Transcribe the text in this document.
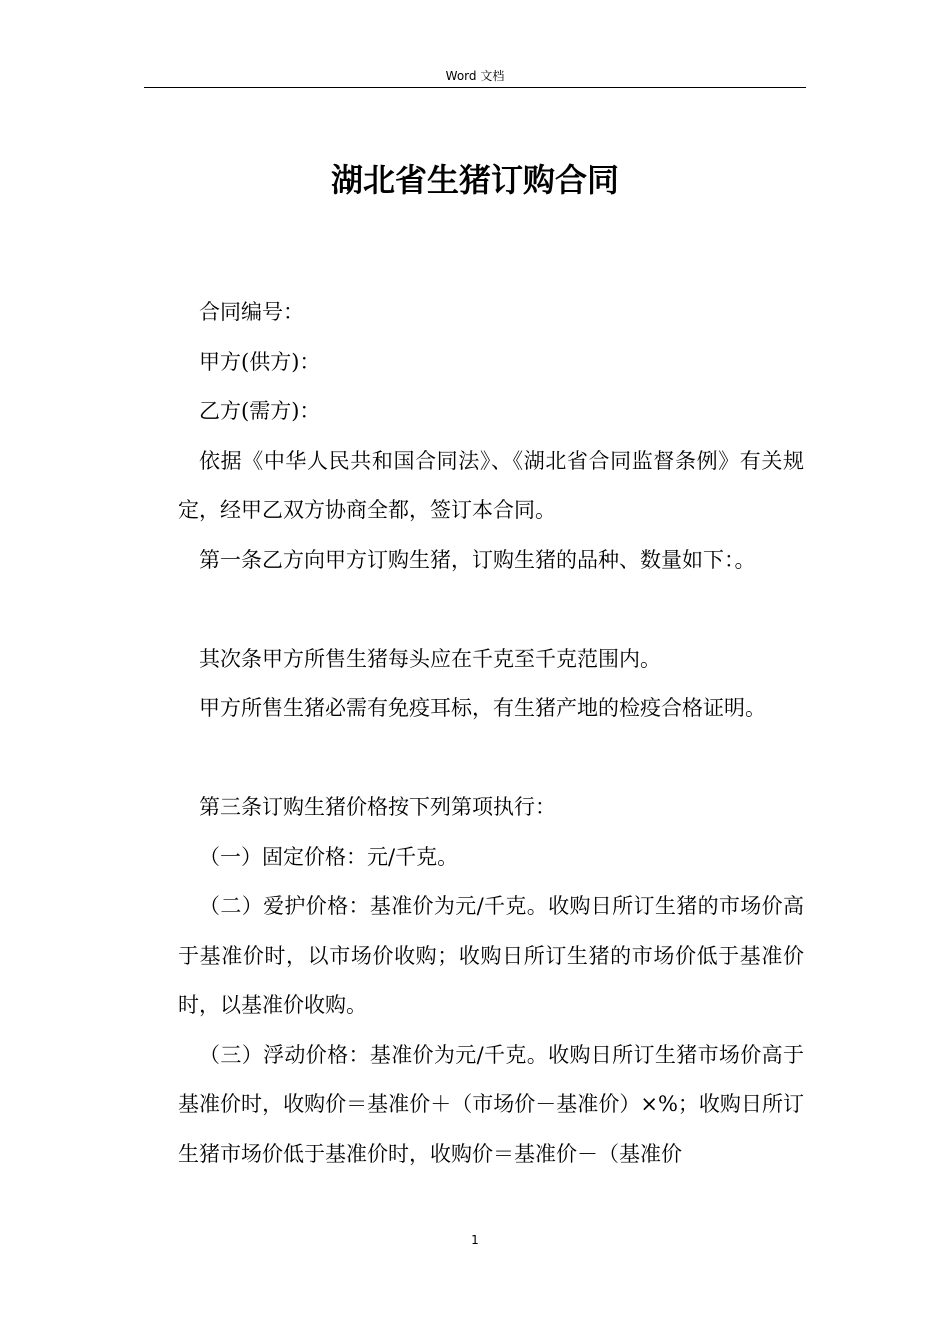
Word 文档
湖北省生猪订购合同

合同编号：

甲方(供方)：

乙方(需方)：

依据《中华人民共和国合同法》、《湖北省合同监督条例》有关规定，经甲乙双方协商全都，签订本合同。

第一条乙方向甲方订购生猪，订购生猪的品种、数量如下：。

其次条甲方所售生猪每头应在千克至千克范围内。

甲方所售生猪必需有免疫耳标，有生猪产地的检疫合格证明。

第三条订购生猪价格按下列第项执行：

（一）固定价格：元/千克。

（二）爱护价格：基准价为元/千克。收购日所订生猪的市场价高于基准价时，以市场价收购；收购日所订生猪的市场价低于基准价时，以基准价收购。

（三）浮动价格：基准价为元/千克。收购日所订生猪市场价高于基准价时，收购价＝基准价＋（市场价－基准价）×%；收购日所订生猪市场价低于基准价时，收购价＝基准价－（基准价

1
